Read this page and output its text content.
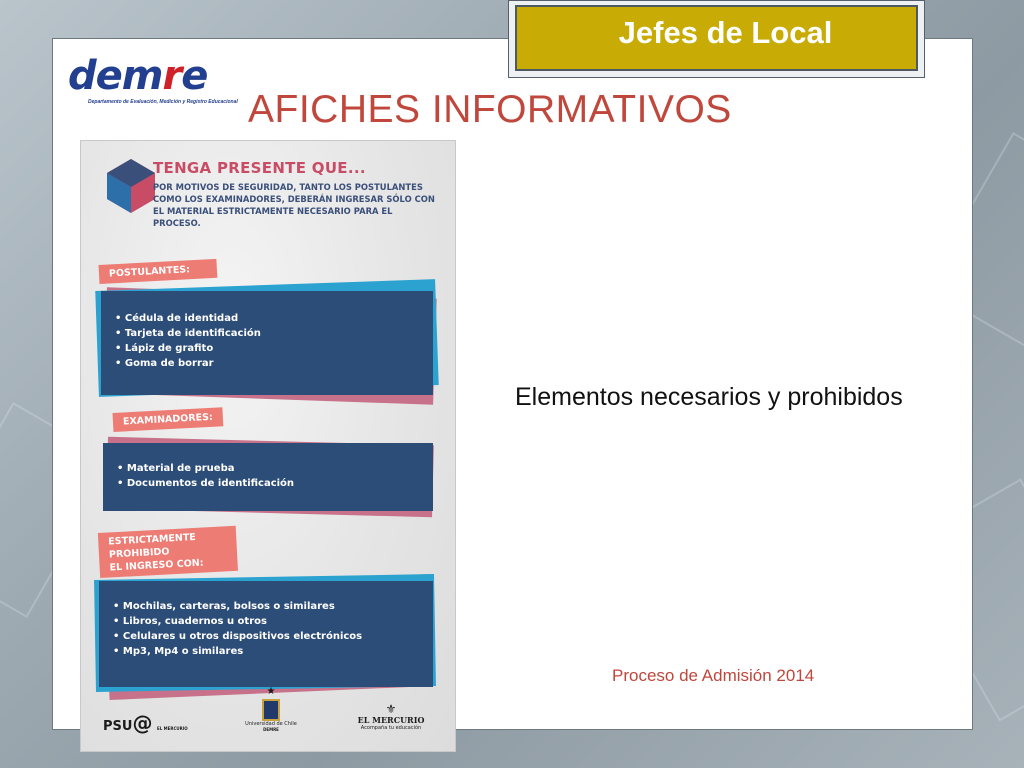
Jefes de Local
demre
Departamento de Evaluación, Medición y Registro Educacional AFICHES INFORMATIVOS
TENGA PRESENTE QUE...
POR MOTIVOS DE SEGURIDAD, TANTO LOS POSTULANTES COMO LOS EXAMINADORES, DEBERÁN INGRESAR SÓLO CON EL MATERIAL ESTRICTAMENTE NECESARIO PARA EL PROCESO.
POSTULANTES:
• Cédula de identidad
• Tarjeta de identificación
• Lápiz de grafito
• Goma de borrar
EXAMINADORES:
• Material de prueba
• Documentos de identificación
ESTRICTAMENTE PROHIBIDO
EL INGRESO CON:
• Mochilas, carteras, bolsos o similares
• Libros, cuadernos u otros
• Celulares u otros dispositivos electrónicos
• Mp3, Mp4 o similares
PSU@ EL MERCURIO
★
Universidad de Chile
DEMRE
⚜
EL MERCURIO
Acompaña tu educación
Elementos necesarios y prohibidos
Proceso de Admisión 2014
